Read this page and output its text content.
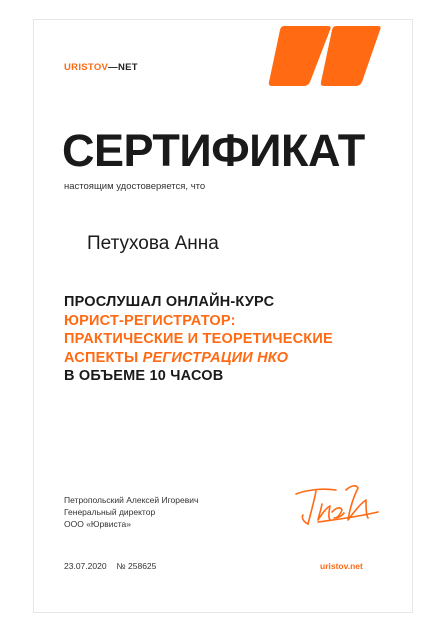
URISTOV—NET
СЕРТИФИКАТ
настоящим удостоверяется, что
Петухова Анна
ПРОСЛУШАЛ ОНЛАЙН-КУРС
ЮРИСТ-РЕГИСТРАТОР:
ПРАКТИЧЕСКИЕ И ТЕОРЕТИЧЕСКИЕ
АСПЕКТЫ РЕГИСТРАЦИИ НКО
В ОБЪЕМЕ 10 ЧАСОВ
Петропольский Алексей Игоревич
Генеральный директор
ООО «Юрвиста»
23.07.2020 № 258625	uristov.net
